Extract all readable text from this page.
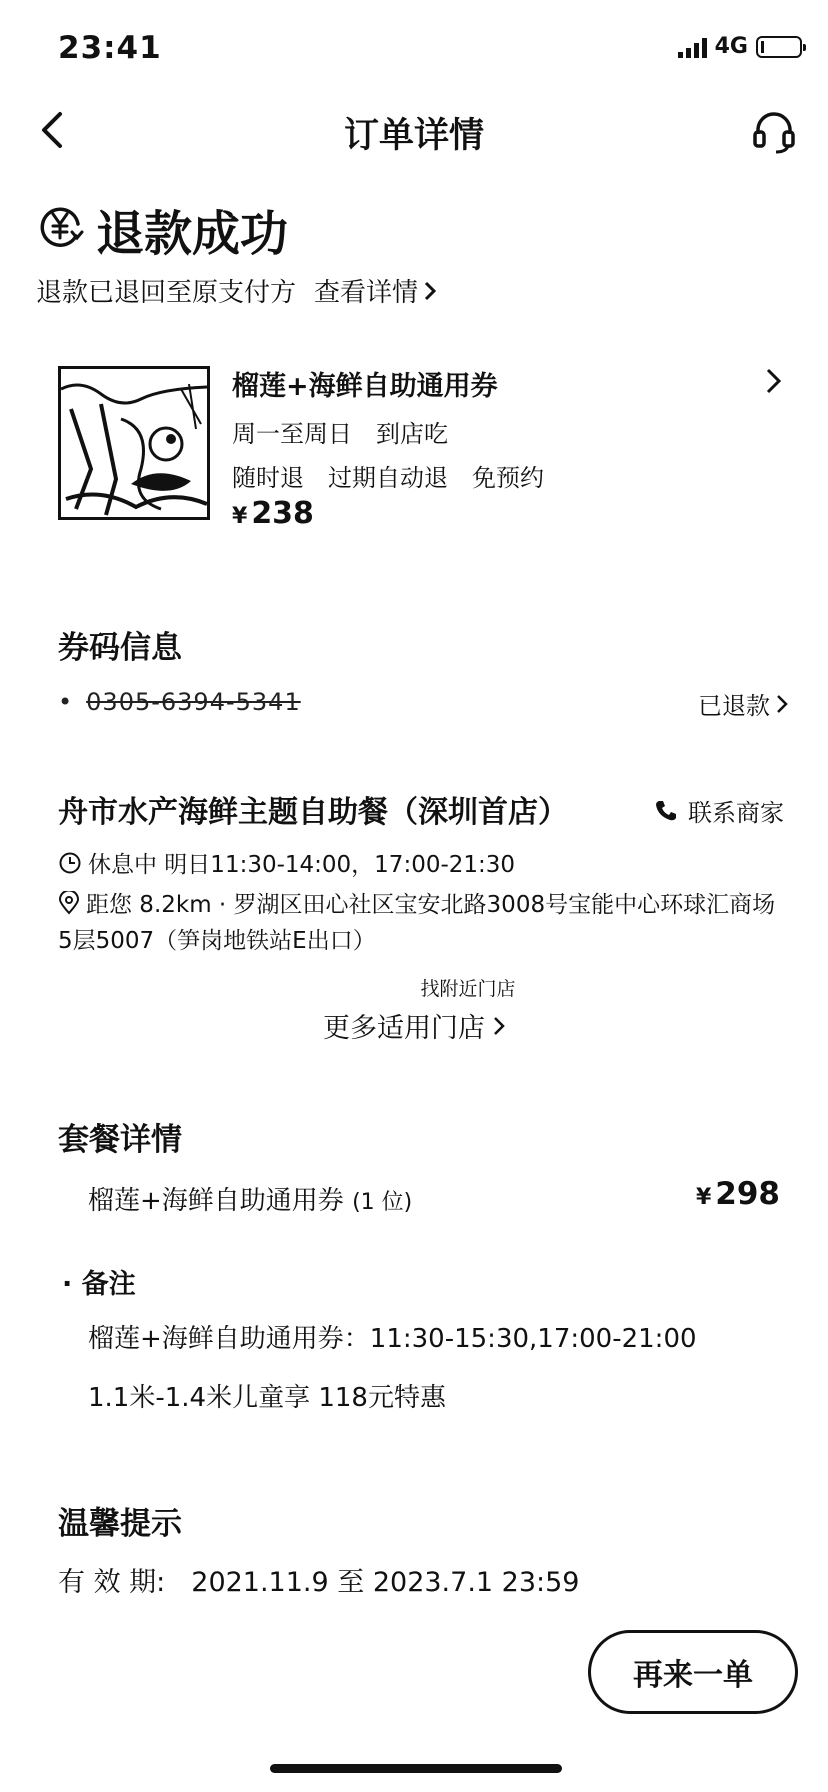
23:41	4G
订单详情
退款成功
退款已退回至原支付方 查看详情
榴莲+海鲜自助通用券
周一至周日　到店吃
随时退　过期自动退　免预约
¥ 238
券码信息
• 0305-6394-5341	已退款
舟市水产海鲜主题自助餐（深圳首店）	联系商家
休息中 明日11:30-14:00，17:00-21:30
距您 8.2km · 罗湖区田心社区宝安北路3008号宝能中心环球汇商场5层5007（笋岗地铁站E出口）
找附近门店
更多适用门店
套餐详情
榴莲+海鲜自助通用券 (1 位)	¥ 298
· 备注
榴莲+海鲜自助通用券：11:30-15:30,17:00-21:00
1.1米-1.4米儿童享 118元特惠
温馨提示
有 效 期: 2021.11.9 至 2023.7.1 23:59
再来一单
